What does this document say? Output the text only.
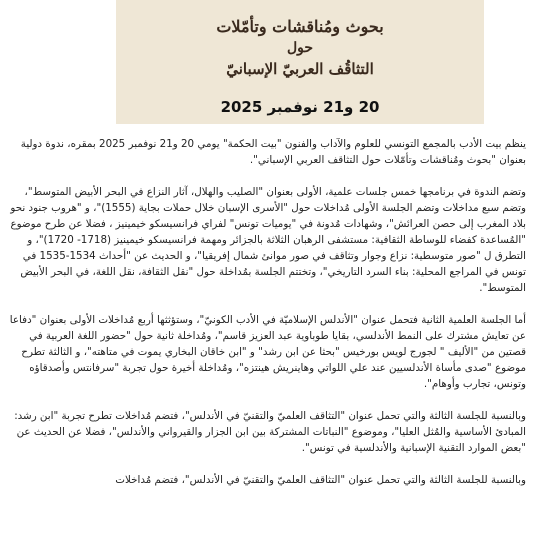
بحوث ومُناقشات وتأمّلات
حول
التثاقُف العربيّ الإسبانيّ
20 و21 نوفمبر 2025

ينظم بيت الأدب بالمجمع التونسي للعلوم والآداب والفنون "بيت الحكمة" يومي 20 و21 نوفمبر 2025 بمقره، ندوة دولية بعنوان "بحوث ومُناقشات وتأمّلات حول التثاقف العربي الإسباني".

وتضم الندوة في برنامجها خمس جلسات علمية، الأولى بعنوان "الصليب والهلال، آثار النزاع في البحر الأبيض المتوسط"، وتضم سبع مداخلات وتضم الجلسة الأولى مُداخلات حول "الأسرى الإسبان خلال حملات بجاية (1555)"، و "هروب جنود نحو بلاد المغرب إلى حصن العرائش"، وشهادات مُدونة في "يوميات تونس" لفراي فرانسيسكو خيمينيز ، فضلا عن طرح موضوع "المُساعدة كفضاء للوساطة الثقافية: مستشفى الرهبان الثلاثة بالجزائر ومهمة فرانسيسكو خيمينيز (1718- 1720)"، و التطرق ل "صور متوسطية: نزاع وجوار وتثاقف في صور موانئ شمال إفريقيا"، و الحديث عن "أحداث 1534-1535 في تونس في المراجع المحلية: بناء السرد التاريخي"، وتختتم الجلسة بمُداخلة حول "نقل الثقافة، نقل اللغة، في البحر الأبيض المتوسط".

أما الجلسة العلمية الثانية فتحمل عنوان "الأندلس الإسلاميّة في الأدب الكونيّ"، وستؤثثها أربع مُداخلات الأولى بعنوان "دفاعا عن تعايش مشترك على النمط الأندلسي، بقايا طوباوية عبد العزيز قاسم"، ومُداخلة ثانية حول "حضور اللغة العربية في قصتين من "الأليف " لجورج لويس بورخيس "بحثا عن ابن رشد" و "ابن خاقان البخاري يموت في متاهته"، و الثالثة تطرح موضوع "صدى مأساة الأندلسيين عند علي اللواتي وهاينريش هينتزه"، ومُداخلة أخيرة حول تجربة "سرفانتس وأصدقاؤه وتونس، تجارب وأوهام".

وبالنسبة للجلسة الثالثة والتي تحمل عنوان "التثاقف العلميّ والتقنيّ في الأندلس"، فتضم مُداخلات تطرح تجربة "ابن رشد: المبادئ الأساسية والمُثل العليا"، وموضوع "النباتات المشتركة بين ابن الجزار والقيرواني والأندلس"، فضلا عن الحديث عن "بعض الموارد التقنية الإسبانية والأندلسية في تونس".

وبالنسبة للجلسة الثالثة والتي تحمل عنوان "التثاقف العلميّ والتقنيّ في الأندلس"، فتضم مُداخلات
